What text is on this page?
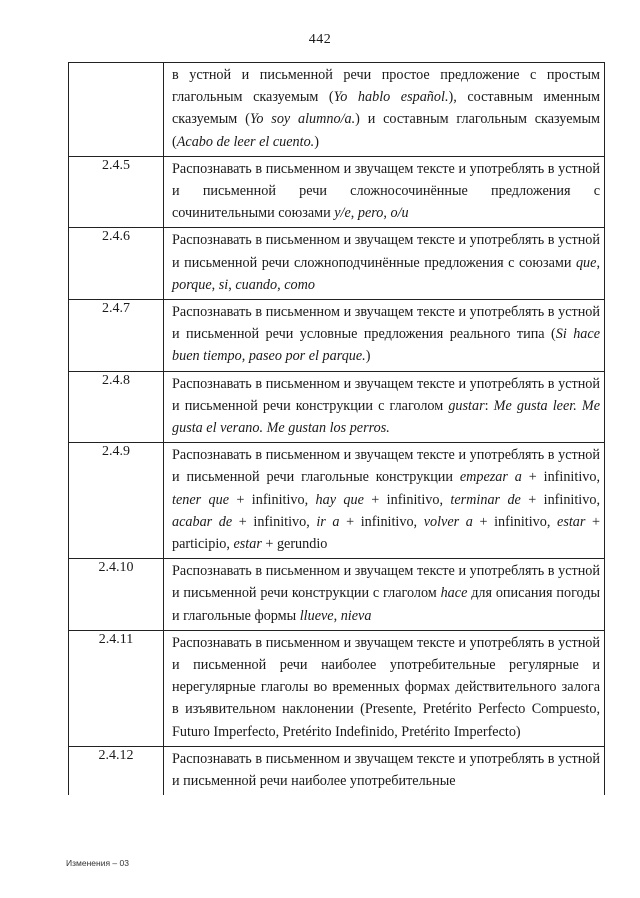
442
в устной и письменной речи простое предложение с простым глагольным сказуемым (Yo hablo español.), составным именным сказуемым (Yo soy alumno/a.) и составным глагольным сказуемым (Acabo de leer el cuento.)
2.4.5	Распознавать в письменном и звучащем тексте и употреблять в устной и письменной речи сложносочинённые предложения с сочинительными союзами y/e, pero, o/u
2.4.6	Распознавать в письменном и звучащем тексте и употреблять в устной и письменной речи сложноподчинённые предложения с союзами que, porque, si, cuando, como
2.4.7	Распознавать в письменном и звучащем тексте и употреблять в устной и письменной речи условные предложения реального типа (Si hace buen tiempo, paseo por el parque.)
2.4.8	Распознавать в письменном и звучащем тексте и употреблять в устной и письменной речи конструкции с глаголом gustar: Me gusta leer. Me gusta el verano. Me gustan los perros.
2.4.9	Распознавать в письменном и звучащем тексте и употреблять в устной и письменной речи глагольные конструкции empezar a + infinitivo, tener que + infinitivo, hay que + infinitivo, terminar de + infinitivo, acabar de + infinitivo, ir a + infinitivo, volver a + infinitivo, estar + participio, estar + gerundio
2.4.10	Распознавать в письменном и звучащем тексте и употреблять в устной и письменной речи конструкции с глаголом hace для описания погоды и глагольные формы llueve, nieva
2.4.11	Распознавать в письменном и звучащем тексте и употреблять в устной и письменной речи наиболее употребительные регулярные и нерегулярные глаголы во временных формах действительного залога в изъявительном наклонении (Presente, Pretérito Perfecto Compuesto, Futuro Imperfecto, Pretérito Indefinido, Pretérito Imperfecto)
2.4.12	Распознавать в письменном и звучащем тексте и употреблять в устной и письменной речи наиболее употребительные
Изменения – 03
